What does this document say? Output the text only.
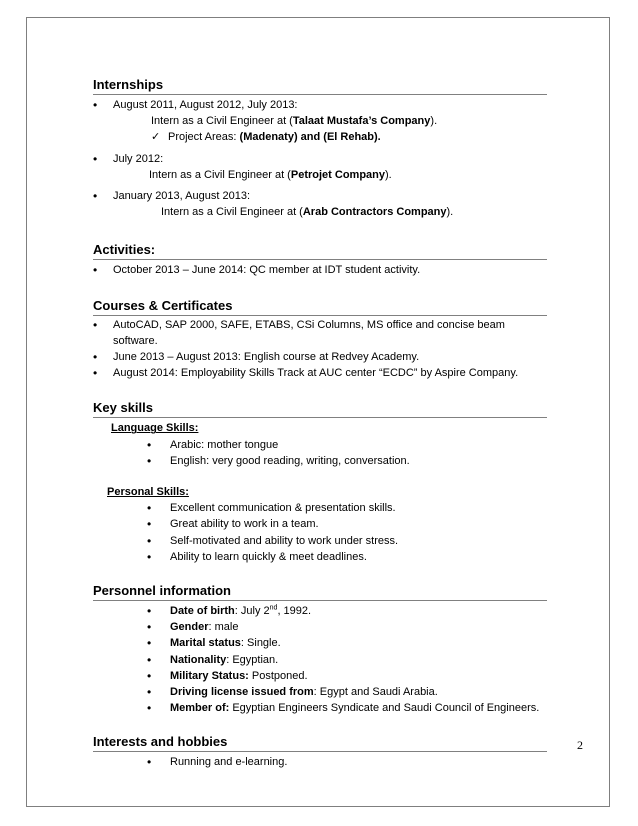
Internships
• August 2011, August 2012, July 2013:
Intern as a Civil Engineer at (Talaat Mustafa’s Company).
✓ Project Areas: (Madenaty) and (El Rehab).
• July 2012:
Intern as a Civil Engineer at (Petrojet Company).
• January 2013, August 2013:
Intern as a Civil Engineer at (Arab Contractors Company).
Activities:
• October 2013 – June 2014: QC member at IDT student activity.
Courses & Certificates
• AutoCAD, SAP 2000, SAFE, ETABS, CSi Columns, MS office and concise beam software.
• June 2013 – August 2013: English course at Redvey Academy.
• August 2014: Employability Skills Track at AUC center “ECDC” by Aspire Company.
Key skills
Language Skills:
• Arabic: mother tongue
• English: very good reading, writing, conversation.
Personal Skills:
• Excellent communication & presentation skills.
• Great ability to work in a team.
• Self-motivated and ability to work under stress.
• Ability to learn quickly & meet deadlines.
Personnel information
• Date of birth: July 2nd, 1992.
• Gender: male
• Marital status: Single.
• Nationality: Egyptian.
• Military Status: Postponed.
• Driving license issued from: Egypt and Saudi Arabia.
• Member of: Egyptian Engineers Syndicate and Saudi Council of Engineers.
Interests and hobbies
• Running and e-learning.
2
